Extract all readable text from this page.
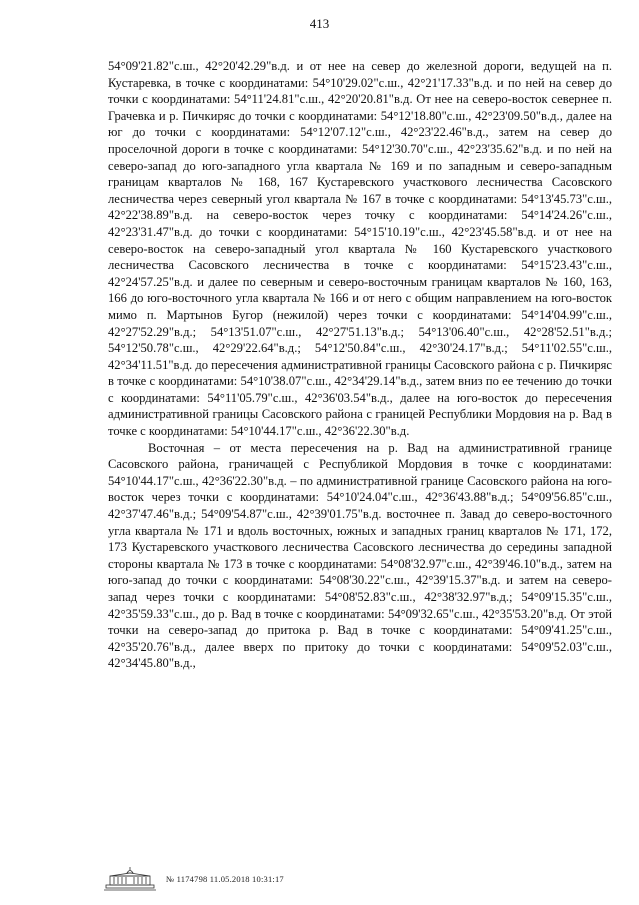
413

54°09'21.82"с.ш., 42°20'42.29"в.д. и от нее на север до железной дороги, ведущей на п. Кустаревка, в точке с координатами: 54°10'29.02"с.ш., 42°21'17.33"в.д. и по ней на север до точки с координатами: 54°11'24.81"с.ш., 42°20'20.81"в.д. От нее на северо-восток севернее п. Грачевка и р. Пичкиряс до точки с координатами: 54°12'18.80"с.ш., 42°23'09.50"в.д., далее на юг до точки с координатами: 54°12'07.12"с.ш., 42°23'22.46"в.д., затем на север до проселочной дороги в точке с координатами: 54°12'30.70"с.ш., 42°23'35.62"в.д. и по ней на северо-запад до юго-западного угла квартала № 169 и по западным и северо-западным границам кварталов № 168, 167 Кустаревского участкового лесничества Сасовского лесничества через северный угол квартала № 167 в точке с координатами: 54°13'45.73"с.ш., 42°22'38.89"в.д. на северо-восток через точку с координатами: 54°14'24.26"с.ш., 42°23'31.47"в.д. до точки с координатами: 54°15'10.19"с.ш., 42°23'45.58"в.д. и от нее на северо-восток на северо-западный угол квартала № 160 Кустаревского участкового лесничества Сасовского лесничества в точке с координатами: 54°15'23.43"с.ш., 42°24'57.25"в.д. и далее по северным и северо-восточным границам кварталов № 160, 163, 166 до юго-восточного угла квартала № 166 и от него с общим направлением на юго-восток мимо п. Мартынов Бугор (нежилой) через точки с координатами: 54°14'04.99"с.ш., 42°27'52.29"в.д.; 54°13'51.07"с.ш., 42°27'51.13"в.д.; 54°13'06.40"с.ш., 42°28'52.51"в.д.; 54°12'50.78"с.ш., 42°29'22.64"в.д.; 54°12'50.84"с.ш., 42°30'24.17"в.д.; 54°11'02.55"с.ш., 42°34'11.51"в.д. до пересечения административной границы Сасовского района с р. Пичкиряс в точке с координатами: 54°10'38.07"с.ш., 42°34'29.14"в.д., затем вниз по ее течению до точки с координатами: 54°11'05.79"с.ш., 42°36'03.54"в.д., далее на юго-восток до пересечения административной границы Сасовского района с границей Республики Мордовия на р. Вад в точке с координатами: 54°10'44.17"с.ш., 42°36'22.30"в.д.

Восточная – от места пересечения на р. Вад на административной границе Сасовского района, граничащей с Республикой Мордовия в точке с координатами: 54°10'44.17"с.ш., 42°36'22.30"в.д. – по административной границе Сасовского района на юго-восток через точки с координатами: 54°10'24.04"с.ш., 42°36'43.88"в.д.; 54°09'56.85"с.ш., 42°37'47.46"в.д.; 54°09'54.87"с.ш., 42°39'01.75"в.д. восточнее п. Завад до северо-восточного угла квартала № 171 и вдоль восточных, южных и западных границ кварталов № 171, 172, 173 Кустаревского участкового лесничества Сасовского лесничества до середины западной стороны квартала № 173 в точке с координатами: 54°08'32.97"с.ш., 42°39'46.10"в.д., затем на юго-запад до точки с координатами: 54°08'30.22"с.ш., 42°39'15.37"в.д. и затем на северо-запад через точки с координатами: 54°08'52.83"с.ш., 42°38'32.97"в.д.; 54°09'15.35"с.ш., 42°35'59.33"с.ш., до р. Вад в точке с координатами: 54°09'32.65"с.ш., 42°35'53.20"в.д. От этой точки на северо-запад до притока р. Вад в точке с координатами: 54°09'41.25"с.ш., 42°35'20.76"в.д., далее вверх по притоку до точки с координатами: 54°09'52.03"с.ш., 42°34'45.80"в.д.,

№ 1174798 11.05.2018 10:31:17
